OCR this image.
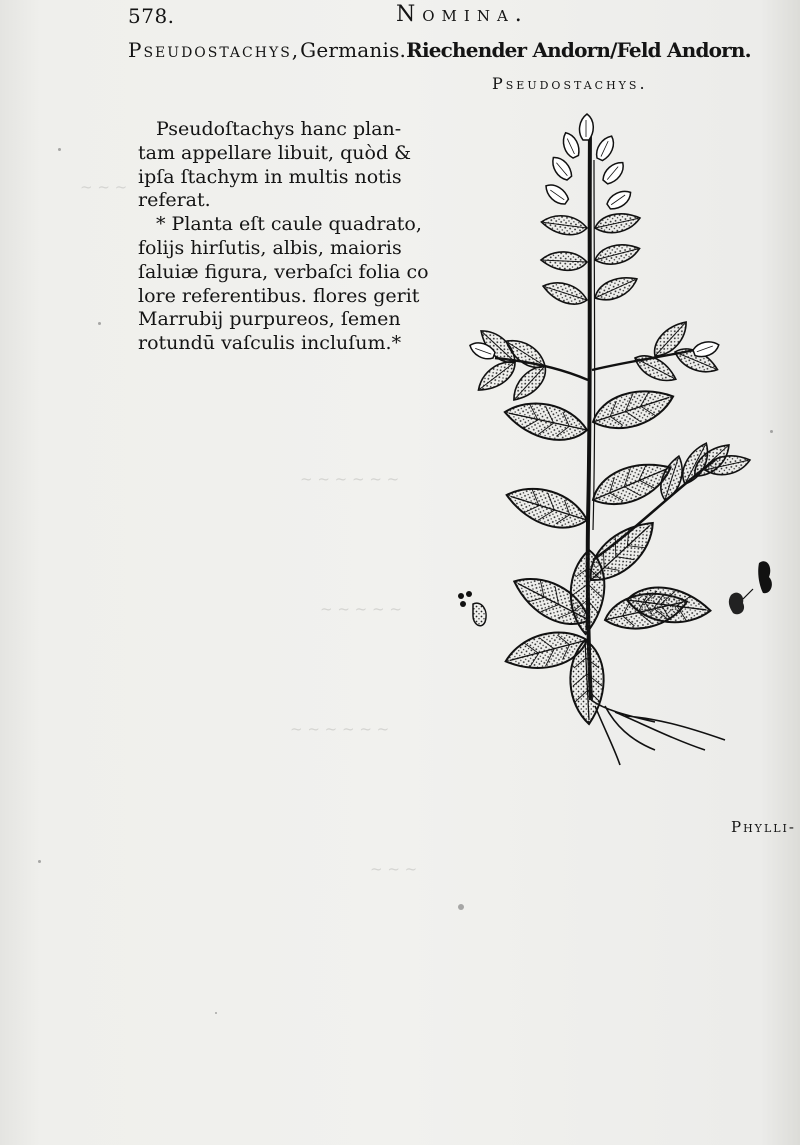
~ ~ ~
~ ~ ~ ~ ~ ~
~ ~ ~ ~ ~
~ ~ ~ ~ ~ ~
~ ~ ~
578.	Nomina.
Pseudostachys,Germanis.Riechender Andorn/Feld Andorn.
Pseudostachys.

Pseudoſtachys hanc plan-
tam appellare libuit, quòd &
ipſa ſtachym in multis notis
referat.

* Planta eſt caule quadrato,
folijs hirſutis, albis, maioris
ſaluiæ figura, verbaſci folia co
lore referentibus. flores gerit
Marrubij purpureos, ſemen
rotundū vaſculis incluſum.*

Phylli-
